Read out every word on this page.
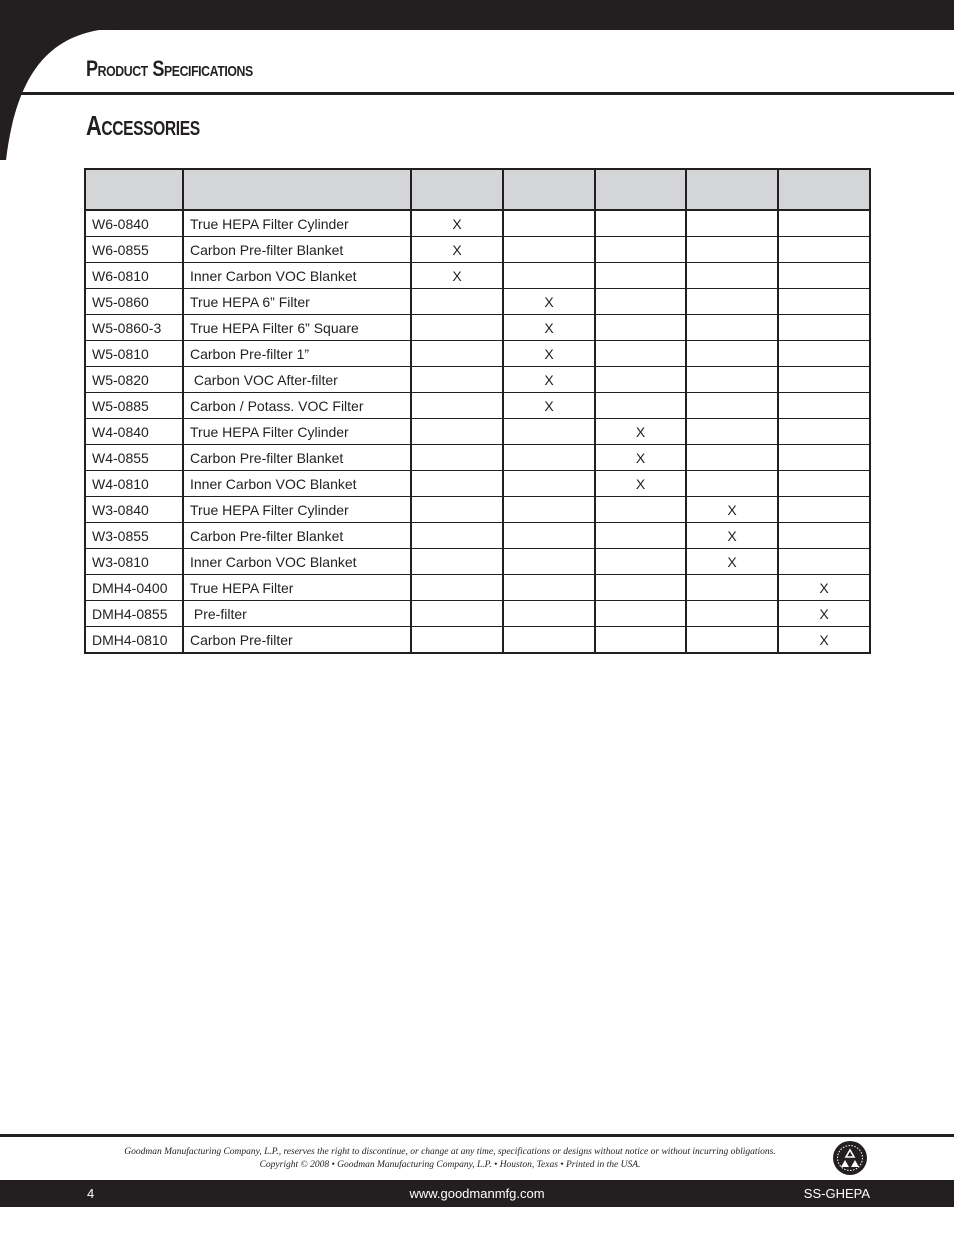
Product Specifications
Accessories

W6-0840	True HEPA Filter Cylinder	X				
W6-0855	Carbon Pre-filter Blanket	X				
W6-0810	Inner Carbon VOC Blanket	X				
W5-0860	True HEPA 6” Filter		X			
W5-0860-3	True HEPA Filter 6” Square		X			
W5-0810	Carbon Pre-filter 1”		X			
W5-0820	Carbon VOC After-filter		X			
W5-0885	Carbon / Potass. VOC Filter		X			
W4-0840	True HEPA Filter Cylinder			X		
W4-0855	Carbon Pre-filter Blanket			X		
W4-0810	Inner Carbon VOC Blanket			X		
W3-0840	True HEPA Filter Cylinder				X	
W3-0855	Carbon Pre-filter Blanket				X	
W3-0810	Inner Carbon VOC Blanket				X	
DMH4-0400	True HEPA Filter					X
DMH4-0855	Pre-filter					X
DMH4-0810	Carbon Pre-filter					X

Goodman Manufacturing Company, L.P., reserves the right to discontinue, or change at any time, specifications or designs without notice or without incurring obligations.

Copyright © 2008 • Goodman Manufacturing Company, L.P. • Houston, Texas • Printed in the USA.

4	www.goodmanmfg.com	SS-GHEPA
